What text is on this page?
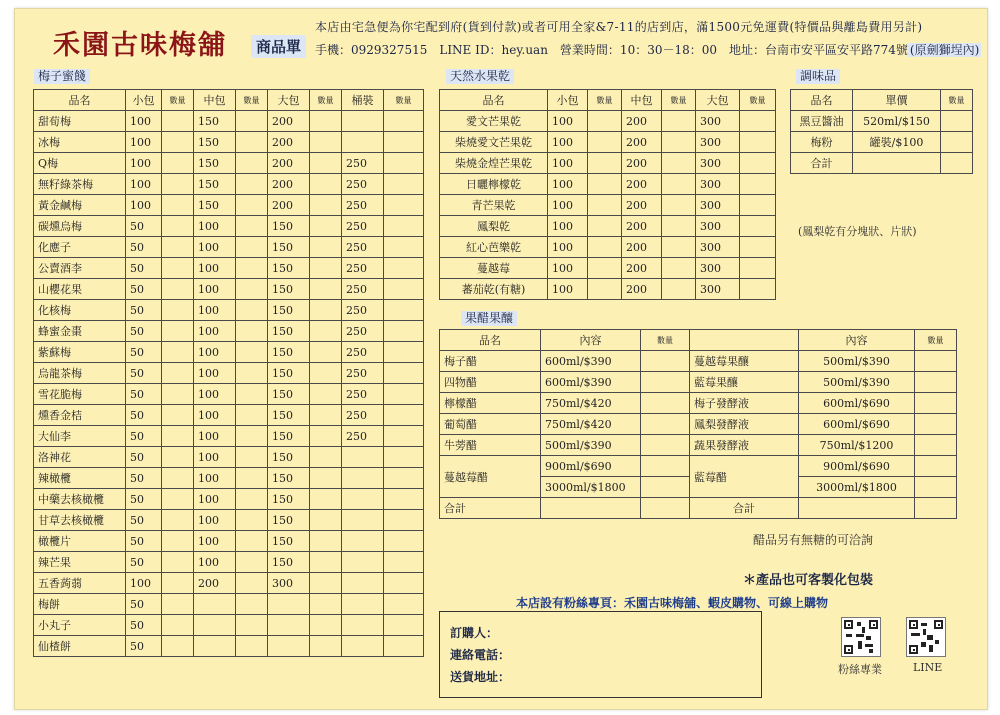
禾園古味梅舖	商品單
本店由宅急便為你宅配到府(貨到付款)或者可用全家&7-11的店到店，滿1500元免運費(特價品與離島費用另計)
手機：0929327515　LINE ID：hey.uan　營業時間：10：30－18：00　地址：台南市安平區安平路774號 (原劍獅埕內)
梅子蜜餞
品名	小包	數量	中包	數量	大包	數量	桶裝	數量
甜荀梅	100		150		200			
冰梅	100		150		200			
Q梅	100		150		200		250	
無籽綠茶梅	100		150		200		250	
黃金鹹梅	100		150		200		250	
碳燻烏梅	50		100		150		250	
化應子	50		100		150		250	
公賣酒李	50		100		150		250	
山櫻花果	50		100		150		250	
化核梅	50		100		150		250	
蜂蜜金棗	50		100		150		250	
紫蘇梅	50		100		150		250	
烏龍茶梅	50		100		150		250	
雪花脆梅	50		100		150		250	
燻香金桔	50		100		150		250	
大仙李	50		100		150		250	
洛神花	50		100		150			
辣橄欖	50		100		150			
中藥去核橄欖	50		100		150			
甘草去核橄欖	50		100		150			
橄欖片	50		100		150			
辣芒果	50		100		150			
五香蒟蒻	100		200		300			
梅餅	50							
小丸子	50							
仙楂餅	50							
天然水果乾
品名	小包	數量	中包	數量	大包	數量
愛文芒果乾	100		200		300	
柴燒愛文芒果乾	100		200		300	
柴燒金煌芒果乾	100		200		300	
日曬檸檬乾	100		200		300	
青芒果乾	100		200		300	
鳳梨乾	100		200		300	
紅心芭樂乾	100		200		300	
蔓越莓	100		200		300	
蕃茄乾(有糖)	100		200		300	
調味品
品名	單價	數量
黑豆醬油	520ml/$150	
梅粉	罐裝/$100	
合計		
(鳳梨乾有分塊狀、片狀)
果醋果釀
品名	內容	數量		內容	數量
梅子醋	600ml/$390		蔓越莓果釀	500ml/$390	
四物醋	600ml/$390		藍莓果釀	500ml/$390	
檸檬醋	750ml/$420		梅子發酵液	600ml/$690	
葡萄醋	750ml/$420		鳳梨發酵液	600ml/$690	
牛蒡醋	500ml/$390		蔬果發酵液	750ml/$1200	
蔓越莓醋	900ml/$690		藍莓醋	900ml/$690	
	3000ml/$1800			3000ml/$1800	
合計			合計		
醋品另有無糖的可洽詢
＊產品也可客製化包裝
本店設有粉絲專頁：禾園古味梅舖、蝦皮購物、可線上購物
訂購人：
連絡電話：
送貨地址：
粉絲專業	LINE
